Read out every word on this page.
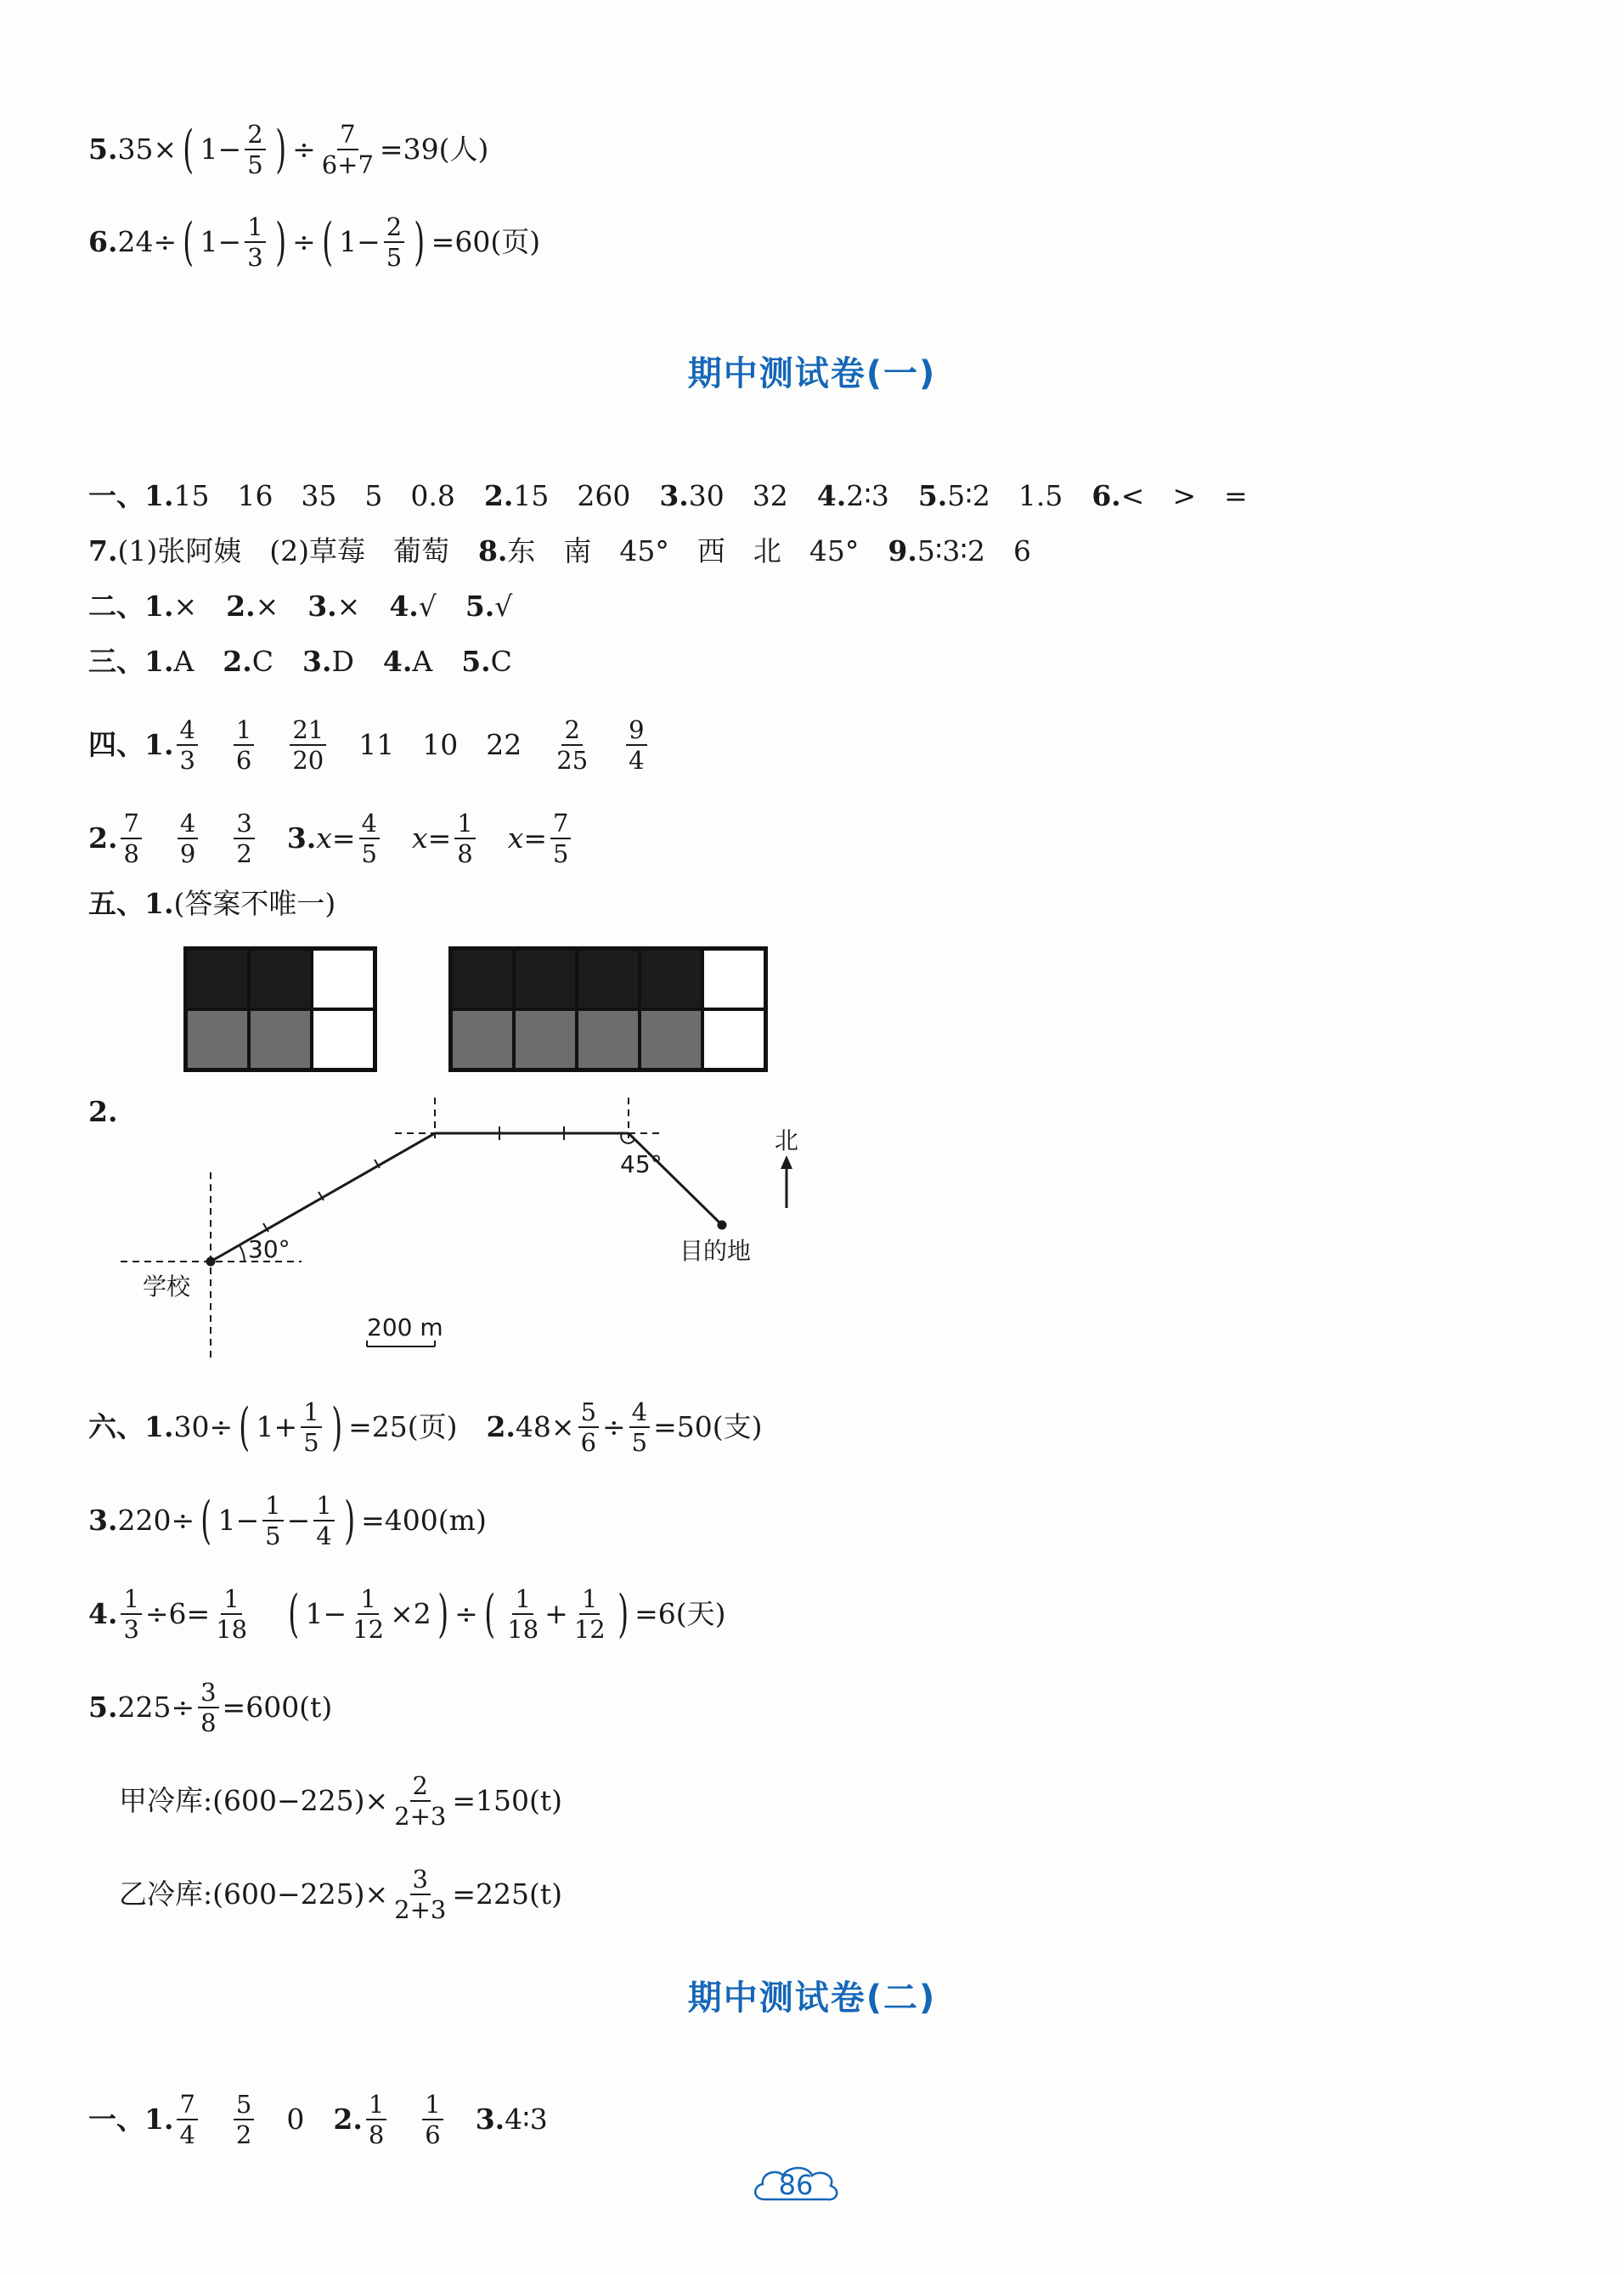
5. 35× ( $1- \frac{2}{5}$ ) ÷ $\frac{7}{6+7} =39$(人)
6. 24÷ ( $1- \frac{1}{3}$ ) ÷ ( $1- \frac{2}{5}$ ) =60(页)
期中测试卷(一)
一、 1. 15　16　35　5　0.8 2. 15　260 3. 30　32 4. 2∶3 5. 5∶2　1.5 6. <　>　=
7. (1)张阿姨　(2)草莓　葡萄 8. 东　南　45°　西　北　45° 9. 5∶3∶2　6
二、 1. × 2. × 3. × 4. √ 5. √
三、 1. A 2. C 3. D 4. A 5. C
四、 1. $\frac{4}{3} \frac{1}{6} \frac{21}{20} 11$　10　$22 \frac{2}{25} \frac{9}{4}$
2. $\frac{7}{8} \frac{4}{9} \frac{3}{2} 3$. $x = \frac{4}{5}$ $x = \frac{1}{8}$ $x = \frac{7}{5}$
五、 1. (答案不唯一)
2.
北
45°
30°
学校
目的地
200 m
六、 1. 30÷ ( $1+ \frac{1}{5}$ ) =25(页) 2. $48\times \frac{5}{6} \div \frac{4}{5} =50$(支)
3. 220÷ ( $1- \frac{1}{5} - \frac{1}{4}$ ) =400(m)
4. $\frac{1}{3} \div 6= \frac{1}{18}$ ( $1- \frac{1}{12} \times 2$ ) ÷ ( $\frac{1}{18} + \frac{1}{12}$ ) =6(天)
5. $225\div \frac{3}{8} =600(t)$
甲冷库:(600−225)× $\frac{2}{2+3} =150(t)$
乙冷库:(600−225)× $\frac{3}{2+3} =225(t)$
期中测试卷(二)
一、 1. $\frac{7}{4} \frac{5}{2} 0$ 2. $\frac{1}{8} \frac{1}{6} 3$. 4∶3
86
